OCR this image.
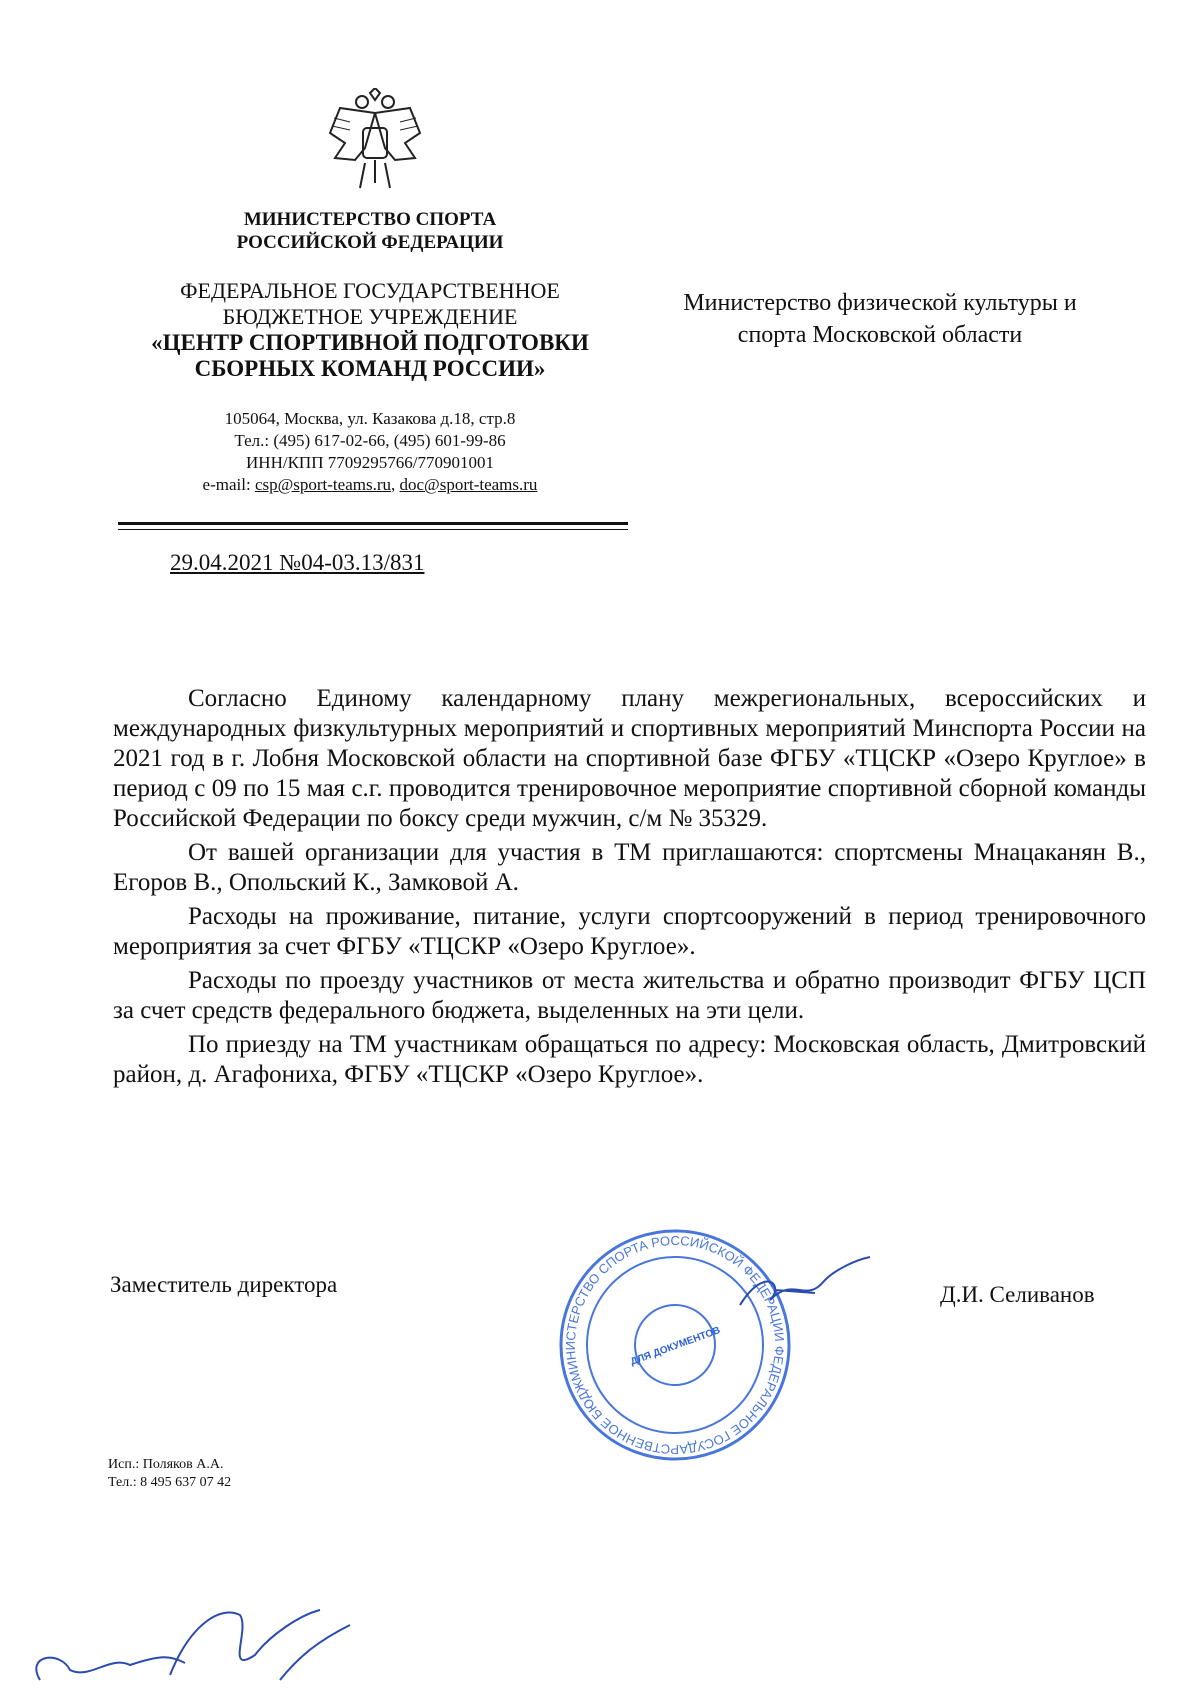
МИНИСТЕРСТВО СПОРТА
РОССИЙСКОЙ ФЕДЕРАЦИИ
ФЕДЕРАЛЬНОЕ ГОСУДАРСТВЕННОЕ
БЮДЖЕТНОЕ УЧРЕЖДЕНИЕ
«ЦЕНТР СПОРТИВНОЙ ПОДГОТОВКИ
СБОРНЫХ КОМАНД РОССИИ»
105064, Москва, ул. Казакова д.18, стр.8
Тел.: (495) 617-02-66, (495) 601-99-86
ИНН/КПП 7709295766/770901001
e-mail: csp@sport-teams.ru, doc@sport-teams.ru
29.04.2021 №04-03.13/831
Министерство физической культуры и
спорта Московской области

Согласно Единому календарному плану межрегиональных, всероссийских и международных физкультурных мероприятий и спортивных мероприятий Минспорта России на 2021 год в г. Лобня Московской области на спортивной базе ФГБУ «ТЦСКР «Озеро Круглое» в период с 09 по 15 мая с.г. проводится тренировочное мероприятие спортивной сборной команды Российской Федерации по боксу среди мужчин, с/м № 35329.

От вашей организации для участия в ТМ приглашаются: спортсмены Мнацаканян В., Егоров В., Опольский К., Замковой А.

Расходы на проживание, питание, услуги спортсооружений в период тренировочного мероприятия за счет ФГБУ «ТЦСКР «Озеро Круглое».

Расходы по проезду участников от места жительства и обратно производит ФГБУ ЦСП за счет средств федерального бюджета, выделенных на эти цели.

По приезду на ТМ участникам обращаться по адресу: Московская область, Дмитровский район, д. Агафониха, ФГБУ «ТЦСКР «Озеро Круглое».

Заместитель директора	Д.И. Селиванов
МИНИСТЕРСТВО СПОРТА РОССИЙСКОЙ ФЕДЕРАЦИИ ФЕДЕРАЛЬНОЕ ГОСУДАРСТВЕННОЕ БЮДЖЕТНОЕ УЧРЕЖДЕНИЕ ЦЕНТР СПОРТИВНОЙ ПОДГОТОВКИ СБОРНЫХ КОМАНД РОССИИ МОСКВА ОГРН 1027739
ДЛЯ ДОКУМЕНТОВ
Исп.: Поляков А.А.
Тел.: 8 495 637 07 42
